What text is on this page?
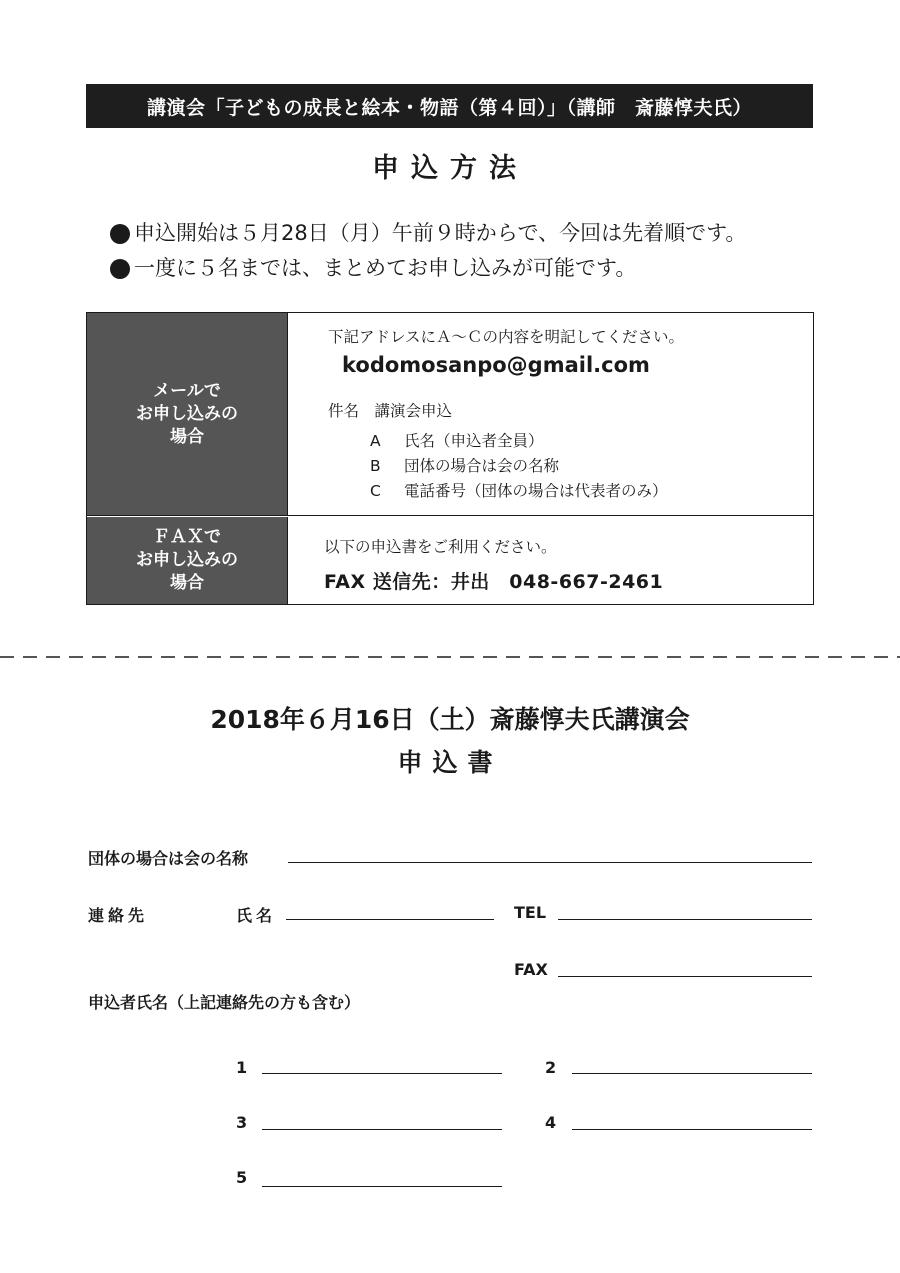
講演会「子どもの成長と絵本・物語（第４回）」（講師　斎藤惇夫氏）
申込方法
申込開始は５月28日（月）午前９時からで、今回は先着順です。
一度に５名までは、まとめてお申し込みが可能です。
メールで
お申し込みの
場合
下記アドレスにＡ～Ｃの内容を明記してください。
kodomosanpo@gmail.com
件名　講演会申込
A 氏名（申込者全員）
B 団体の場合は会の名称
C 電話番号（団体の場合は代表者のみ）
ＦＡＸで
お申し込みの
場合
以下の申込書をご利用ください。
FAX 送信先：井出　048-667-2461
2018年６月16日（土）斎藤惇夫氏講演会
申込書
団体の場合は会の名称
連絡先	氏名	TEL
FAX
申込者氏名（上記連絡先の方も含む）
1	2
3	4
5
